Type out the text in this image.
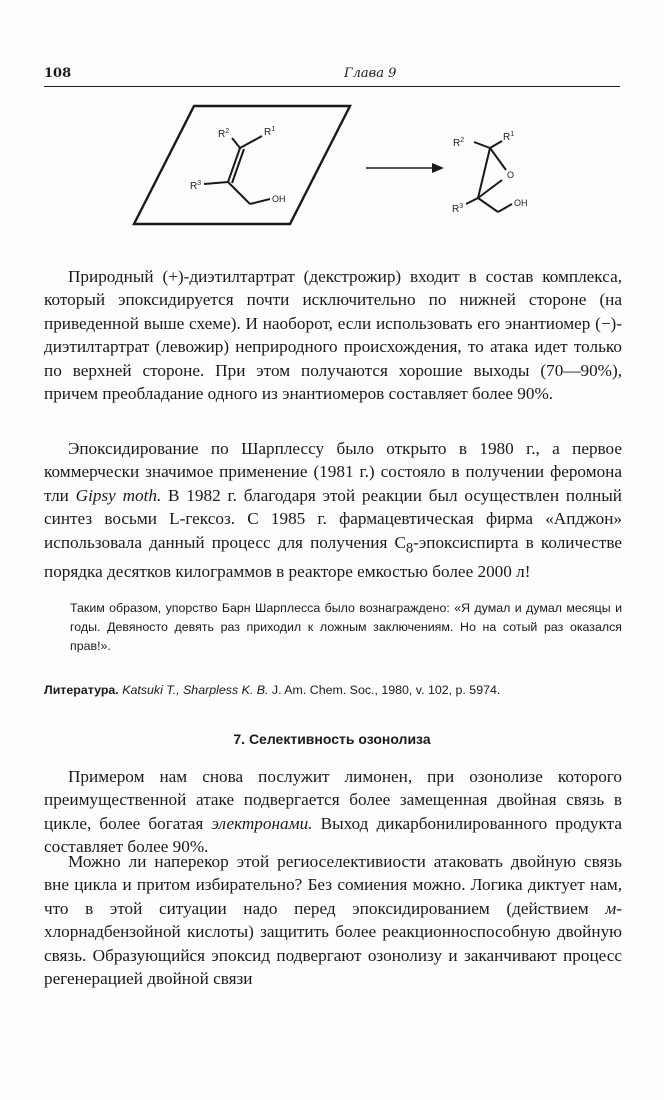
108	Глава 9
$R^2$	$R^1$
$R^3$
OH
$R^2$	$R^1$
O
$R^3$	OH

Природный (+)-диэтилтартрат (декстрожир) входит в состав комплекса, который эпоксидируется почти исключительно по нижней стороне (на приведенной выше схеме). И наоборот, если использовать его энантиомер (−)-диэтилтартрат (левожир) неприродного происхождения, то атака идет только по верхней стороне. При этом получаются хорошие выходы (70—90%), причем преобладание одного из энантиомеров составляет более 90%.

Эпоксидирование по Шарплессу было открыто в 1980 г., а первое коммерчески значимое применение (1981 г.) состояло в получении феромона тли Gipsy moth. В 1982 г. благодаря этой реакции был осуществлен полный синтез восьми L-гексоз. С 1985 г. фармацевтическая фирма «Апджон» использовала данный процесс для получения $C_8$-эпоксиспирта в количестве порядка десятков килограммов в реакторе емкостью более 2000 л!

Таким образом, упорство Барн Шарплесса было вознаграждено: «Я думал и думал месяцы и годы. Девяносто девять раз приходил к ложным заключениям. Но на сотый раз оказался прав!».

Литература. Katsuki T., Sharpless K. B. J. Am. Chem. Soc., 1980, v. 102, p. 5974.

7. Селективность озонолиза

Примером нам снова послужит лимонен, при озонолизе которого преимущественной атаке подвергается более замещенная двойная связь в цикле, более богатая электронами. Выход дикарбонилированного продукта составляет более 90%.

Можно ли наперекор этой региоселективиости атаковать двойную связь вне цикла и притом избирательно? Без сомиения можно. Логика диктует нам, что в этой ситуации надо перед эпоксидированием (действием м-хлорнадбензойной кислоты) защитить более реакционноспособную двойную связь. Образующийся эпоксид подвергают озонолизу и заканчивают процесс регенерацией двойной связи
